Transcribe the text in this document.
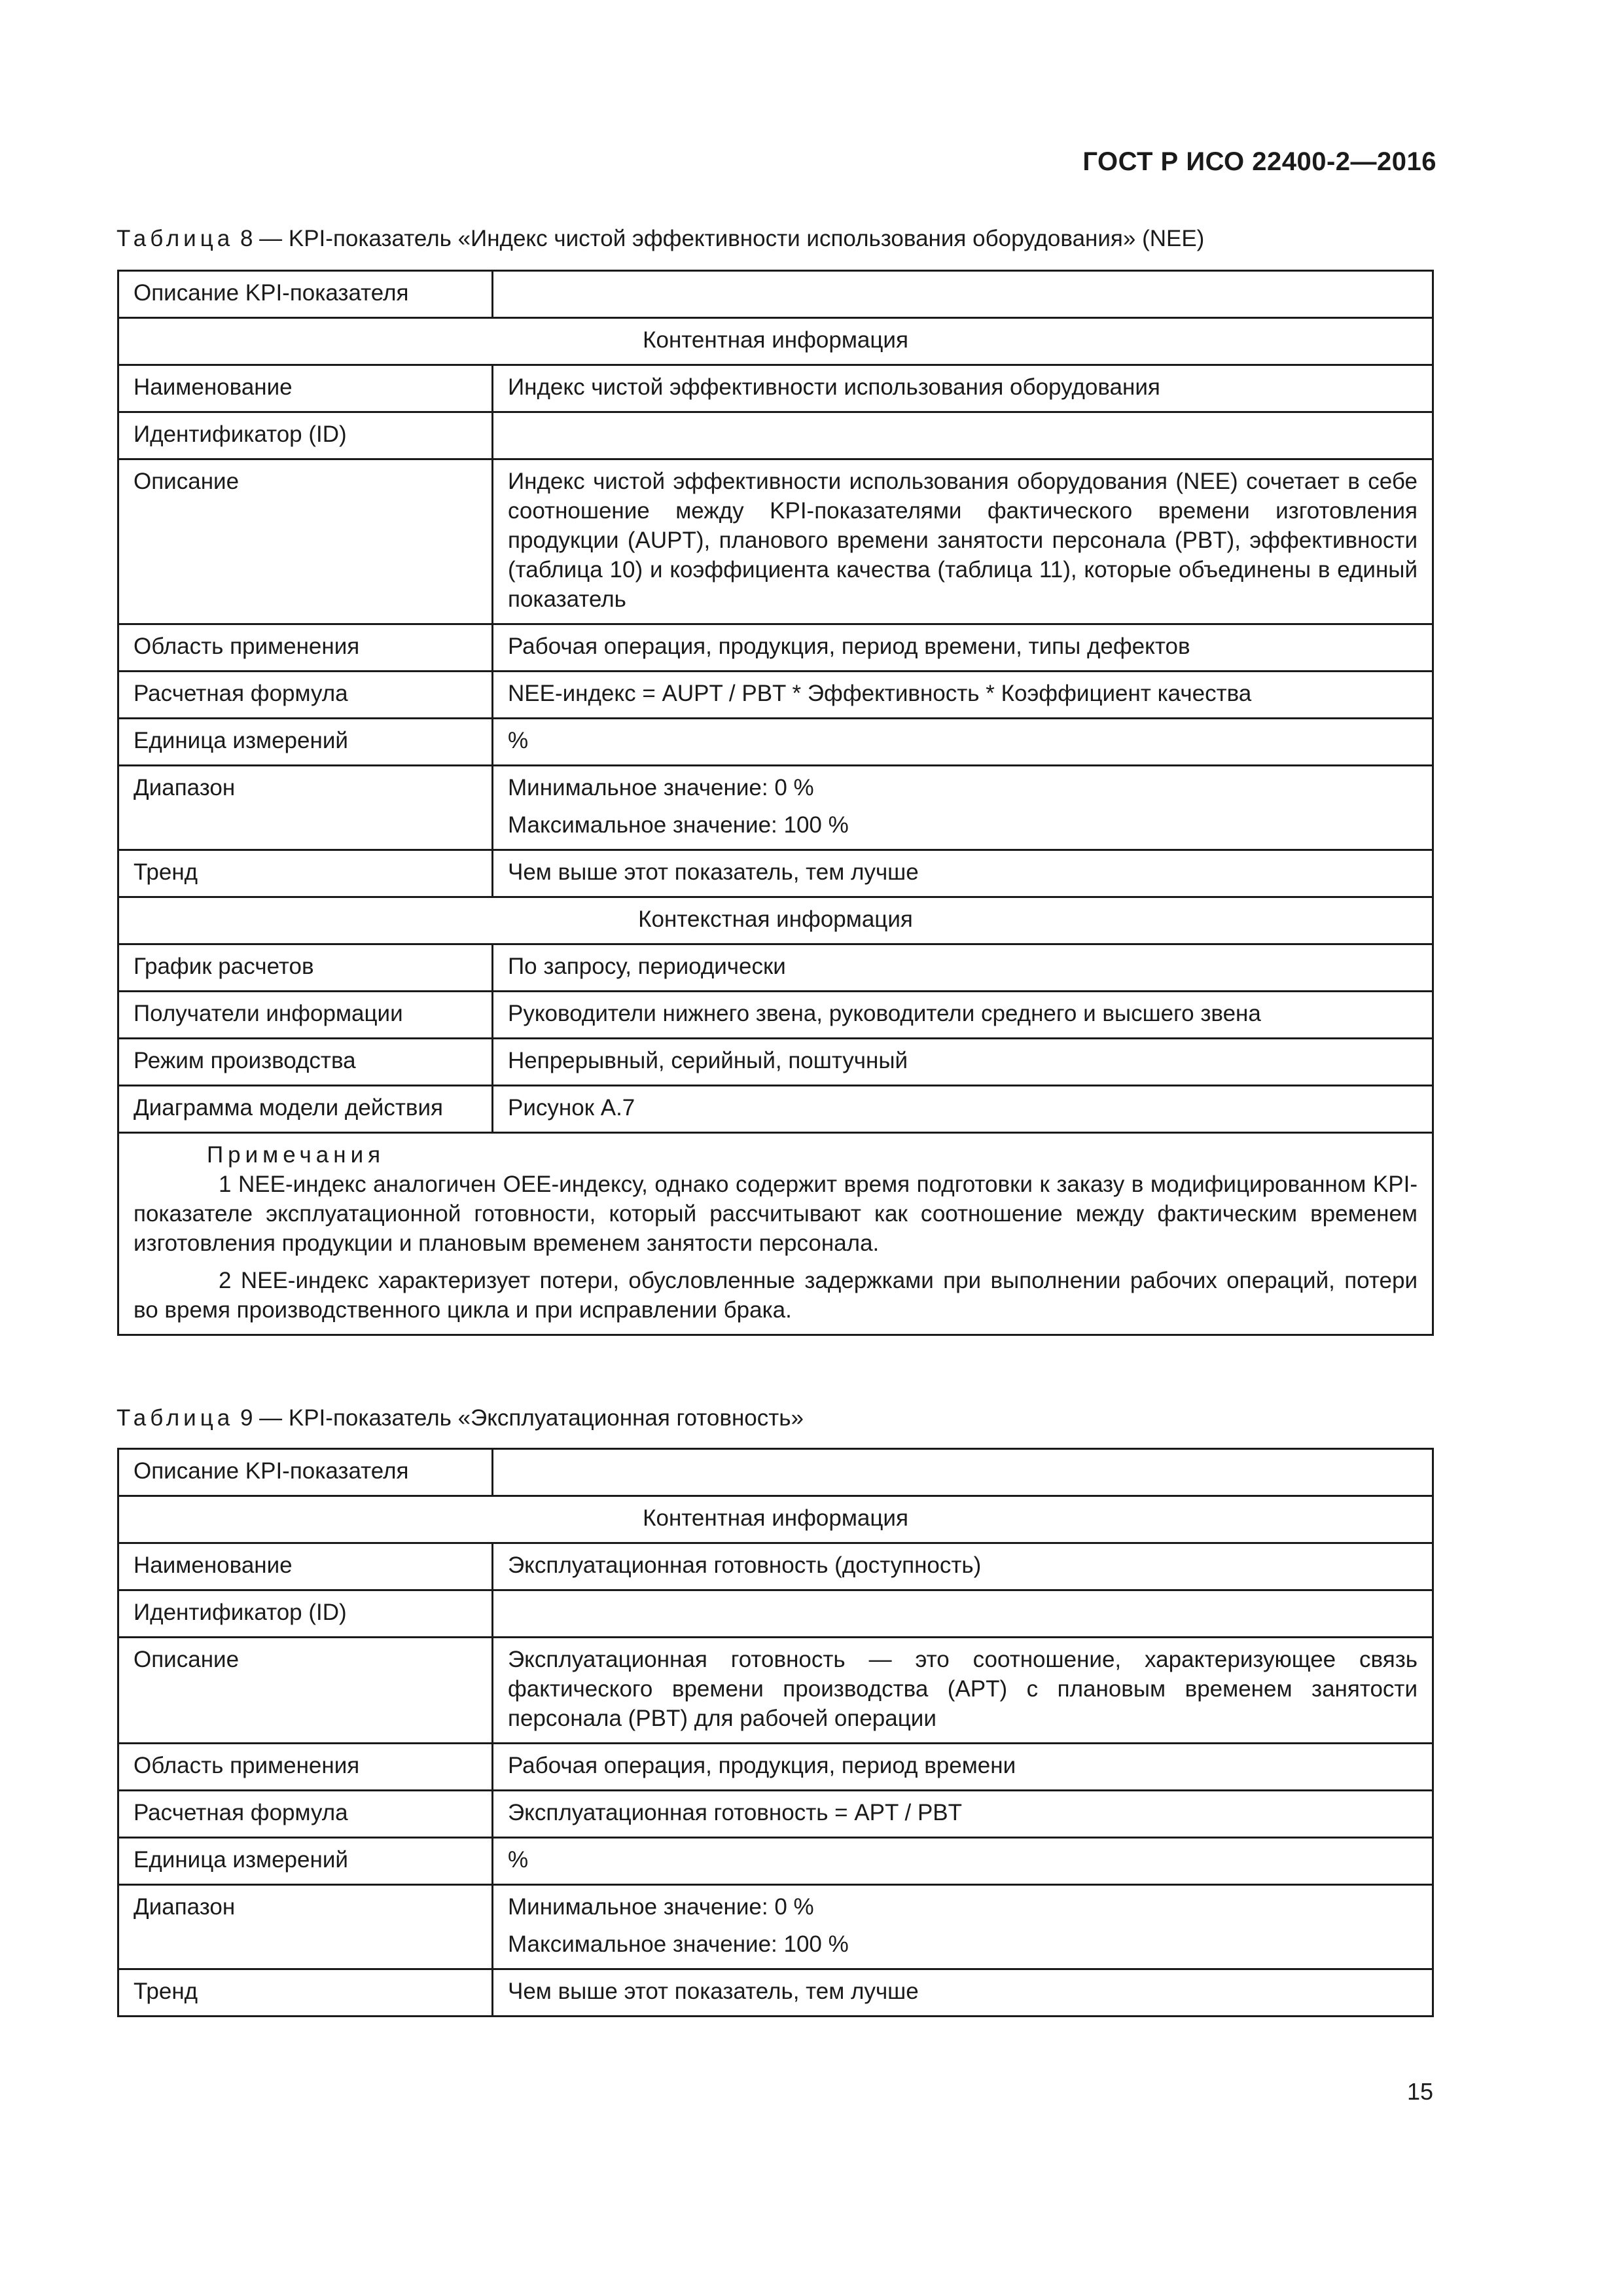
ГОСТ Р ИСО 22400-2—2016
Таблица 8 — KPI-показатель «Индекс чистой эффективности использования оборудования» (NEE)
Описание KPI-показателя	
Контентная информация	
Наименование	Индекс чистой эффективности использования оборудования
Идентификатор (ID)	
Описание	Индекс чистой эффективности использования оборудования (NEE) сочетает в себе соотношение между KPI-показателями фактического времени изготовления продукции (AUPT), планового времени занятости персонала (PBT), эффективности (таблица 10) и коэффициента качества (таблица 11), которые объединены в единый показатель
Область применения	Рабочая операция, продукция, период времени, типы дефектов
Расчетная формула	NEE-индекс = AUPT / PBT * Эффективность * Коэффициент качества
Единица измерений	%
Диапазон	Минимальное значение: 0 %
Максимальное значение: 100 %

Тренд	Чем выше этот показатель, тем лучше
Контекстная информация	
График расчетов	По запросу, периодически
Получатели информации	Руководители нижнего звена, руководители среднего и высшего звена
Режим производства	Непрерывный, серийный, поштучный
Диаграмма модели действия	Рисунок А.7

Примечания
1 NEE-индекс аналогичен OEE-индексу, однако содержит время подготовки к заказу в модифицированном KPI-показателе эксплуатационной готовности, который рассчитывают как соотношение между фактическим временем изготовления продукции и плановым временем занятости персонала.
2 NEE-индекс характеризует потери, обусловленные задержками при выполнении рабочих операций, потери во время производственного цикла и при исправлении брака.	
Таблица 9 — KPI-показатель «Эксплуатационная готовность»
Описание KPI-показателя	
Контентная информация	
Наименование	Эксплуатационная готовность (доступность)
Идентификатор (ID)	
Описание	Эксплуатационная готовность — это соотношение, характеризующее связь фактического времени производства (APT) с плановым временем занятости персонала (PBT) для рабочей операции
Область применения	Рабочая операция, продукция, период времени
Расчетная формула	Эксплуатационная готовность = APT / PBT
Единица измерений	%
Диапазон	Минимальное значение: 0 %
Максимальное значение: 100 %

Тренд	Чем выше этот показатель, тем лучше
15
